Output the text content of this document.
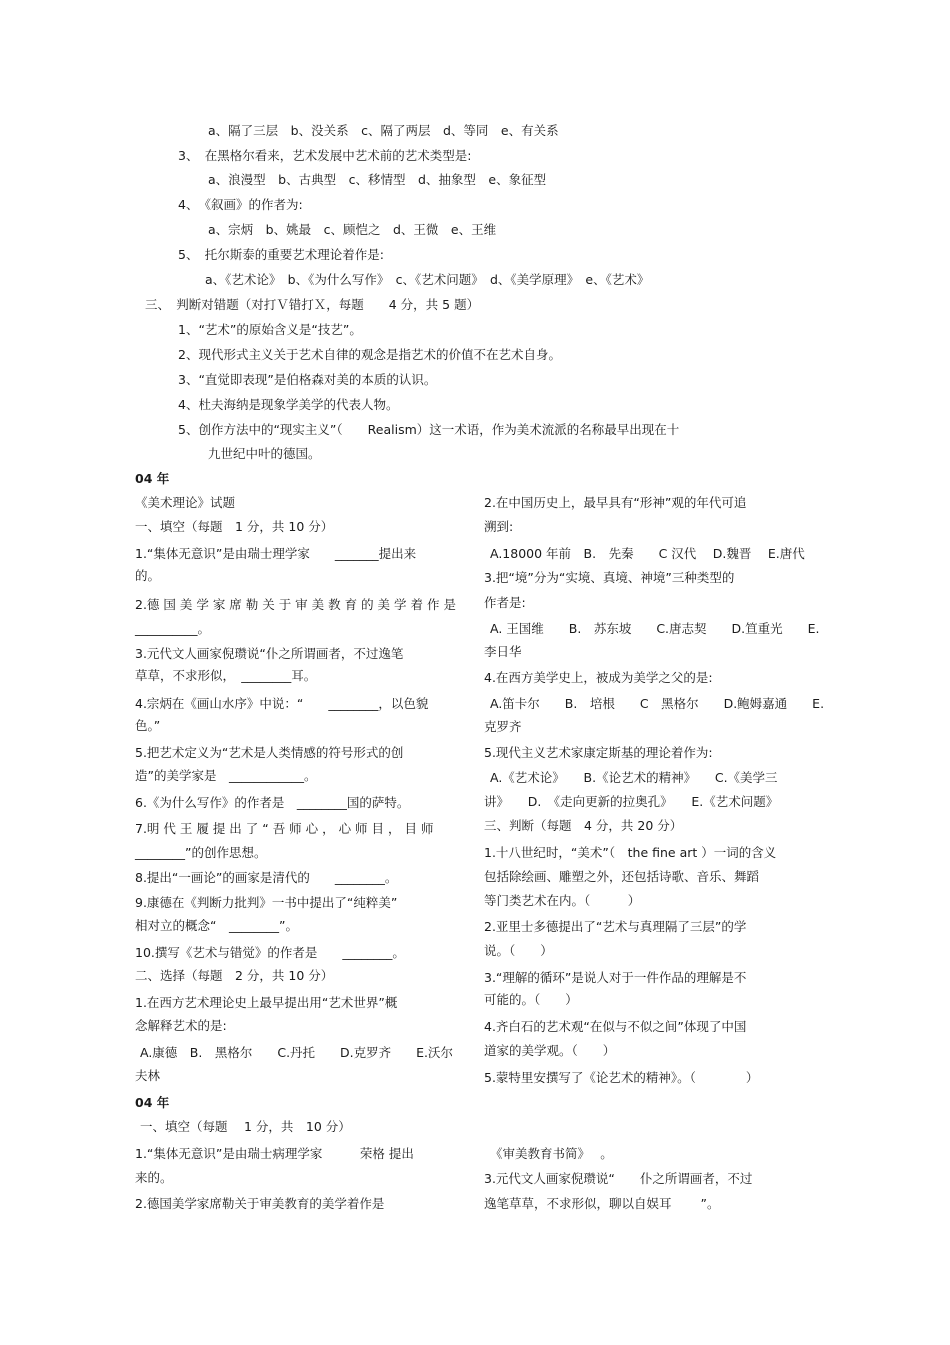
a、隔了三层　b、没关系　c、隔了两层　d、等同　e、有关系
3、　在黑格尔看来，艺术发展中艺术前的艺术类型是:
a、浪漫型　b、古典型　c、移情型　d、抽象型　e、象征型
4、　《叙画》的作者为:
a、宗炳　b、姚最　c、顾恺之　d、王微　e、王维
5、　托尔斯泰的重要艺术理论着作是:
a、《艺术论》　b、《为什么写作》　c、《艺术问题》　d、《美学原理》　e、《艺术》
三、　判断对错题（对打Ｖ错打Ｘ，每题　　4 分，共 5 题）
1、“艺术”的原始含义是“技艺”。
2、现代形式主义关于艺术自律的观念是指艺术的价值不在艺术自身。
3、“直觉即表现”是伯格森对美的本质的认识。
4、杜夫海纳是现象学美学的代表人物。
5、创作方法中的“现实主义”（　　Realism）这一术语，作为美术流派的名称最早出现在十
九世纪中叶的德国。
04 年
《美术理论》试题
一、填空（每题　1 分，共 10 分）
1.“集体无意识”是由瑞士理学家　　_______提出来
的。
2.德 国 美 学 家 席 勒 关 于 审 美 教 育 的 美 学 着 作 是
__________。
3.元代文人画家倪瓒说“仆之所谓画者，不过逸笔
草草，不求形似，　________耳。
4.宗炳在《画山水序》中说：“　　________，以色貌
色。”
5.把艺术定义为“艺术是人类情感的符号形式的创
造”的美学家是　____________。
6.《为什么写作》的作者是　________国的萨特。
7.明 代 王 履 提 出 了 “ 吾 师 心 ， 心 师 目 ， 目 师
________”的创作思想。
8.提出“一画论”的画家是清代的　　________。
9.康德在《判断力批判》一书中提出了“纯粹美”
相对立的概念“　________”。
10.撰写《艺术与错觉》的作者是　　________。
二、选择（每题　2 分，共 10 分）
1.在西方艺术理论史上最早提出用“艺术世界”概
念解释艺术的是:
A.康德　B.　黑格尔　　C.丹托　　D.克罗齐　　E.沃尔
夫林
2.在中国历史上，最早具有“形神”观的年代可追
溯到:
A.18000 年前　B.　先秦　　C 汉代　 D.魏晋　 E.唐代
3.把“境”分为“实境、真境、神境”三种类型的
作者是:
A. 王国维　　B.　苏东坡　　C.唐志契　　D.笪重光　　E.
李日华
4.在西方美学史上，被成为美学之父的是:
A.笛卡尔　　B.　培根　　C　黑格尔　　D.鲍姆嘉通　　E.
克罗齐
5.现代主义艺术家康定斯基的理论着作为:
A.《艺术论》　　B.《论艺术的精神》　　C.《美学三
讲》　　D.　《走向更新的拉奥孔》　　E.《艺术问题》
三、判断（每题　4 分，共 20 分）
1.十八世纪时，“美术”（　the fine art ）一词的含义
包括除绘画、雕塑之外，还包括诗歌、音乐、舞蹈
等门类艺术在内。（　　　）
2.亚里士多德提出了“艺术与真理隔了三层”的学
说。（　　）
3.“理解的循环”是说人对于一件作品的理解是不
可能的。（　　）
4.齐白石的艺术观“在似与不似之间”体现了中国
道家的美学观。（　　）
5.蒙特里安撰写了《论艺术的精神》。（　　　　）
04 年
一、填空（每题　 1 分，共　10 分）
1.“集体无意识”是由瑞士病理学家　　　荣格 提出
来的。
2.德国美学家席勒关于审美教育的美学着作是
《审美教育书简》　 。
3.元代文人画家倪瓒说“　　仆之所谓画者，不过
逸笔草草，不求形似，聊以自娱耳　　 ”。
